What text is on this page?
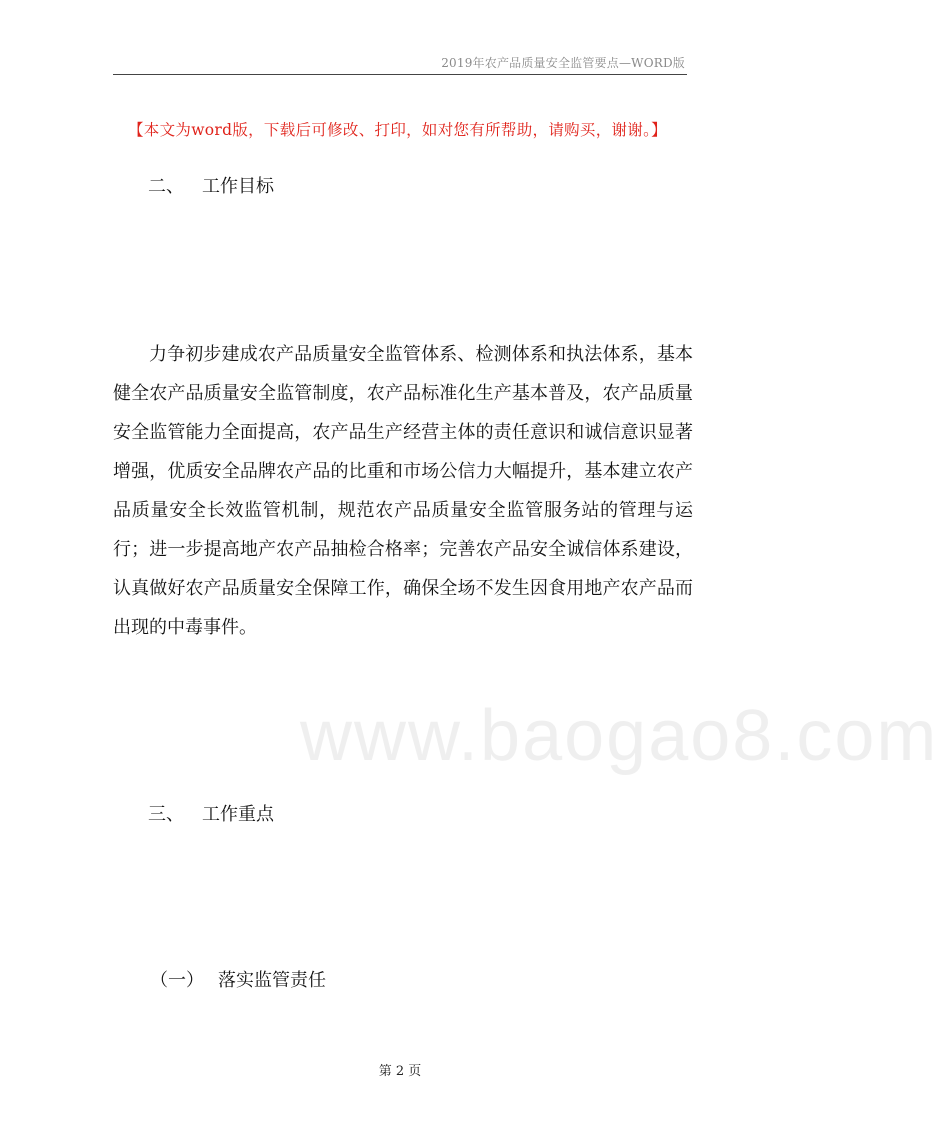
2019年农产品质量安全监管要点—WORD版
【本文为word版，下载后可修改、打印，如对您有所帮助，请购买，谢谢。】
二、 工作目标

力争初步建成农产品质量安全监管体系、检测体系和执法体系，基本健全农产品质量安全监管制度，农产品标准化生产基本普及，农产品质量安全监管能力全面提高，农产品生产经营主体的责任意识和诚信意识显著增强，优质安全品牌农产品的比重和市场公信力大幅提升，基本建立农产品质量安全长效监管机制，规范农产品质量安全监管服务站的管理与运行；进一步提高地产农产品抽检合格率；完善农产品安全诚信体系建设，认真做好农产品质量安全保障工作，确保全场不发生因食用地产农产品而出现的中毒事件。

www.baogao8.com
三、 工作重点
（一） 落实监管责任
第 2 页
